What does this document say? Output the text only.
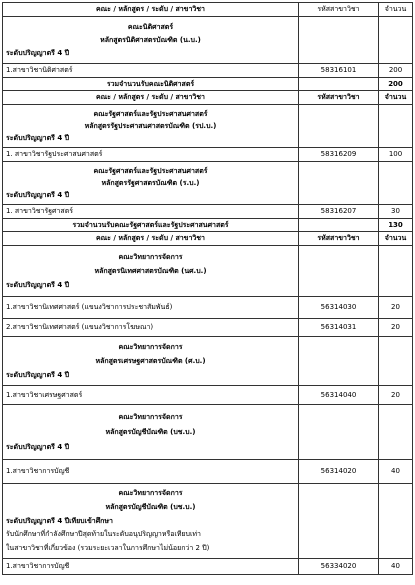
คณะ / หลักสูตร / ระดับ / สาขาวิชา	รหัสสาขาวิชา	จำนวน

คณะนิติศาสตร์
หลักสูตรนิติศาสตรบัณฑิต (น.บ.)
ระดับปริญญาตรี 4 ปี		

1.สาขาวิชานิติศาสตร์	58316101	200
รวมจำนวนรับคณะนิติศาสตร์		200
คณะ / หลักสูตร / ระดับ / สาขาวิชา	รหัสสาขาวิชา	จำนวน

คณะรัฐศาสตร์และรัฐประศาสนศาสตร์
หลักสูตรรัฐประศาสนศาสตรบัณฑิต (รป.บ.)
ระดับปริญญาตรี 4 ปี		

1. สาขาวิชารัฐประศาสนศาสตร์	58316209	100

คณะรัฐศาสตร์และรัฐประศาสนศาสตร์
หลักสูตรรัฐศาสตรบัณฑิต (ร.บ.)
ระดับปริญญาตรี 4 ปี		

1. สาขาวิชารัฐศาสตร์	58316207	30
รวมจำนวนรับคณะรัฐศาสตร์และรัฐประศาสนศาสตร์		130
คณะ / หลักสูตร / ระดับ / สาขาวิชา	รหัสสาขาวิชา	จำนวน

คณะวิทยาการจัดการ
หลักสูตรนิเทศศาสตรบัณฑิต (นศ.บ.)
ระดับปริญญาตรี 4 ปี		

1.สาขาวิชานิเทศศาสตร์ (แขนงวิชาการประชาสัมพันธ์)	56314030	20
2.สาขาวิชานิเทศศาสตร์ (แขนงวิชาการโฆษณา)	56314031	20

คณะวิทยาการจัดการ
หลักสูตรเศรษฐศาสตรบัณฑิต (ศ.บ.)
ระดับปริญญาตรี 4 ปี		

1.สาขาวิชาเศรษฐศาสตร์	56314040	20

คณะวิทยาการจัดการ
หลักสูตรบัญชีบัณฑิต (บช.บ.)
ระดับปริญญาตรี 4 ปี		

1.สาขาวิชาการบัญชี	56314020	40

คณะวิทยาการจัดการ
หลักสูตรบัญชีบัณฑิต (บช.บ.)
ระดับปริญญาตรี 4 ปีเทียบเข้าศึกษา
รับนักศึกษาที่กำลังศึกษาปีสุดท้ายในระดับอนุปริญญาหรือเทียบเท่า
ในสาขาวิชาที่เกี่ยวข้อง (รวมระยะเวลาในการศึกษาไม่น้อยกว่า 2 ปี)		

1.สาขาวิชาการบัญชี	56334020	40
